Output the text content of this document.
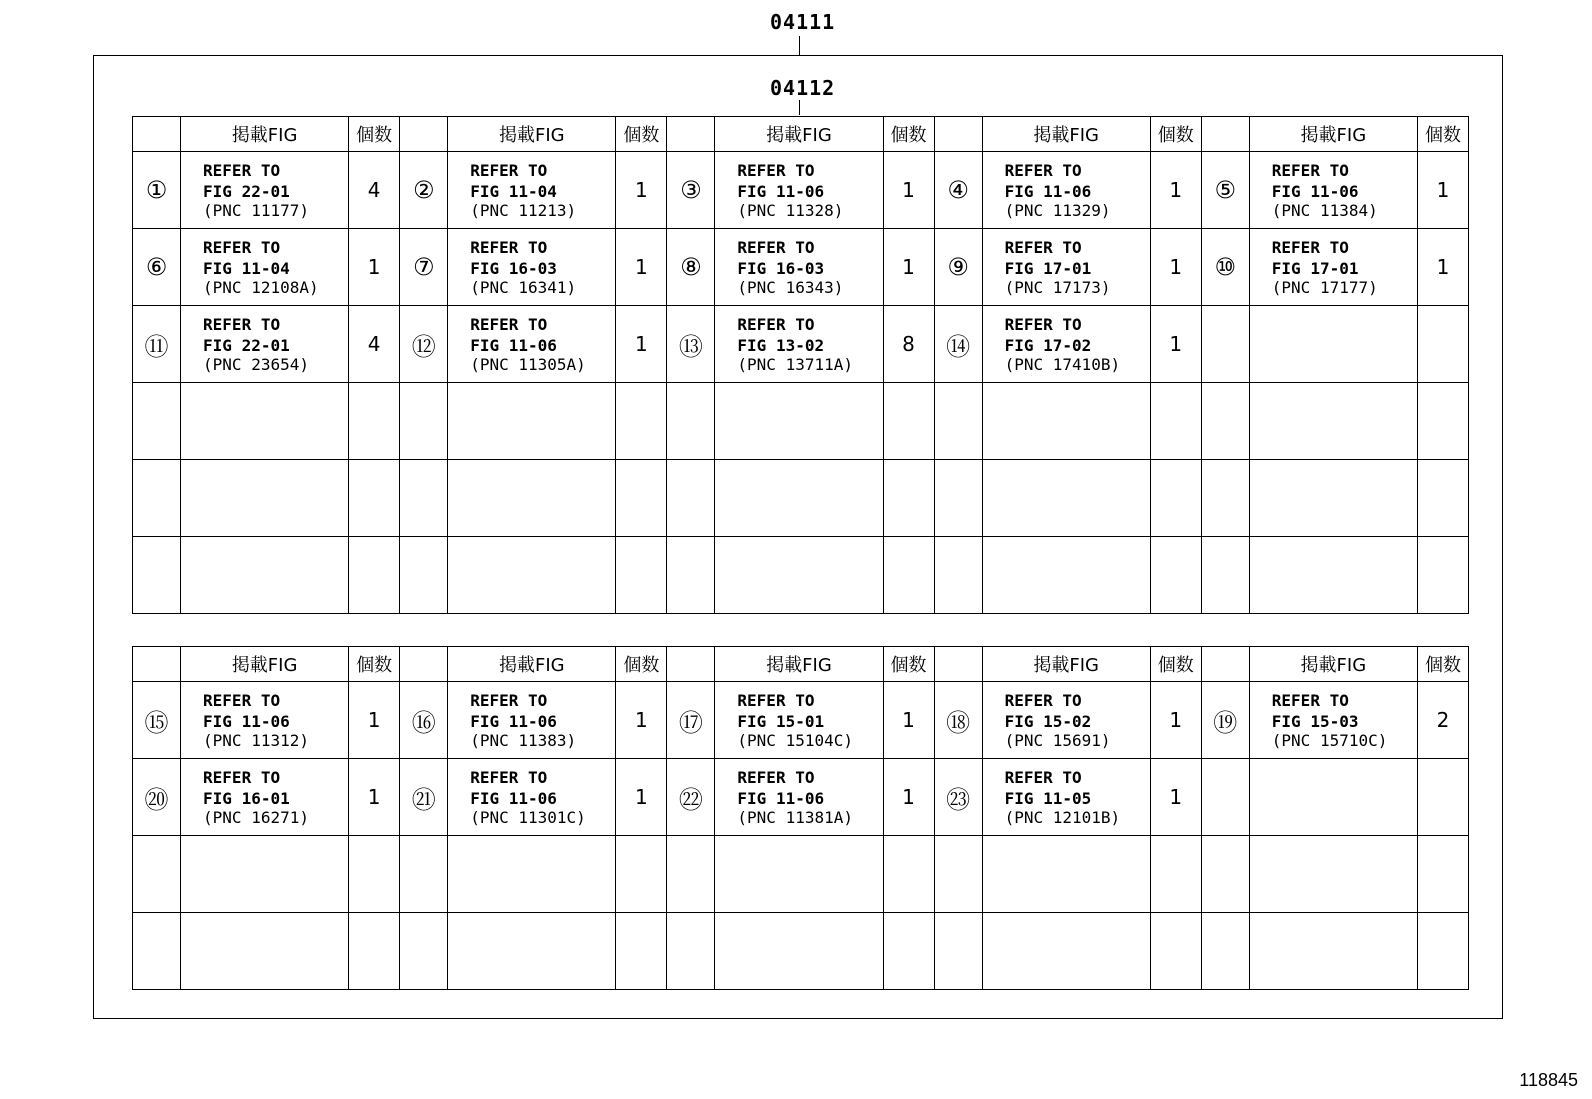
04111
04112
	掲載FIG	個数		掲載FIG	個数		掲載FIG	個数		掲載FIG	個数		掲載FIG	個数
①	REFER TO
FIG 22-01
(PNC 11177)	4	②	REFER TO
FIG 11-04
(PNC 11213)	1	③	REFER TO
FIG 11-06
(PNC 11328)	1	④	REFER TO
FIG 11-06
(PNC 11329)	1	⑤	REFER TO
FIG 11-06
(PNC 11384)	1
⑥	REFER TO
FIG 11-04
(PNC 12108A)	1	⑦	REFER TO
FIG 16-03
(PNC 16341)	1	⑧	REFER TO
FIG 16-03
(PNC 16343)	1	⑨	REFER TO
FIG 17-01
(PNC 17173)	1	⑩	REFER TO
FIG 17-01
(PNC 17177)	1
⑪	REFER TO
FIG 22-01
(PNC 23654)	4	⑫	REFER TO
FIG 11-06
(PNC 11305A)	1	⑬	REFER TO
FIG 13-02
(PNC 13711A)	8	⑭	REFER TO
FIG 17-02
(PNC 17410B)	1			

	掲載FIG	個数		掲載FIG	個数		掲載FIG	個数		掲載FIG	個数		掲載FIG	個数
⑮	REFER TO
FIG 11-06
(PNC 11312)	1	⑯	REFER TO
FIG 11-06
(PNC 11383)	1	⑰	REFER TO
FIG 15-01
(PNC 15104C)	1	⑱	REFER TO
FIG 15-02
(PNC 15691)	1	⑲	REFER TO
FIG 15-03
(PNC 15710C)	2
⑳	REFER TO
FIG 16-01
(PNC 16271)	1	㉑	REFER TO
FIG 11-06
(PNC 11301C)	1	㉒	REFER TO
FIG 11-06
(PNC 11381A)	1	㉓	REFER TO
FIG 11-05
(PNC 12101B)	1			

118845
